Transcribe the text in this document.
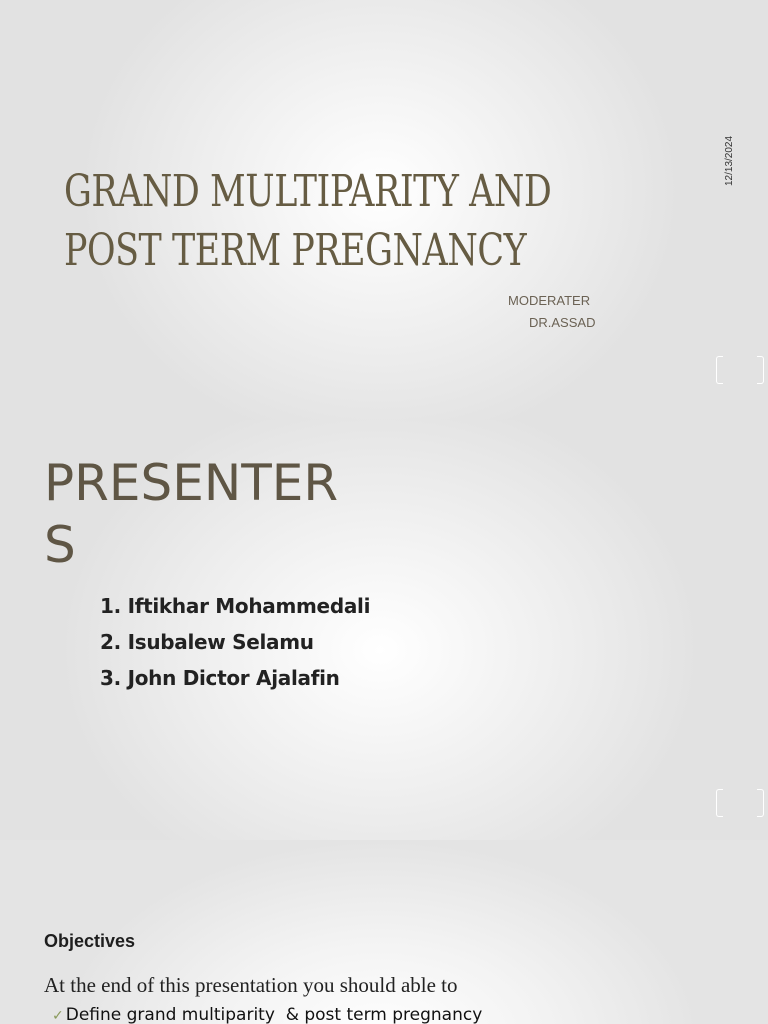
GRAND MULTIPARITY AND
POST TERM PREGNANCY
12/13/2024
MODERATER
DR.ASSAD
PRESENTERS
1. Iftikhar Mohammedali
2. Isubalew Selamu
3. John Dictor Ajalafin
Objectives
At the end of this presentation you should able to
✓ Define grand multiparity  & post term pregnancy
